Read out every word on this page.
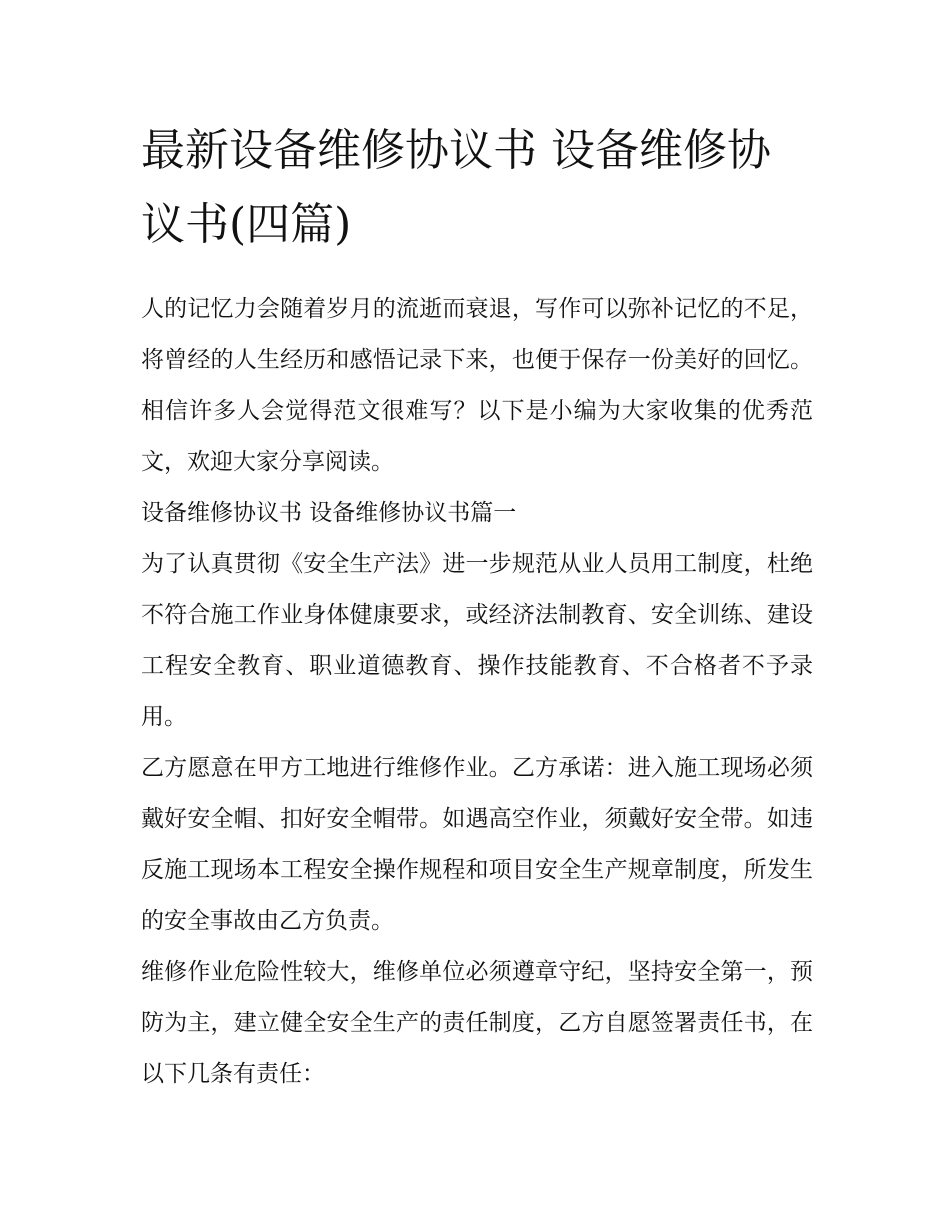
最新设备维修协议书 设备维修协议书(四篇)

人的记忆力会随着岁月的流逝而衰退，写作可以弥补记忆的不足，将曾经的人生经历和感悟记录下来，也便于保存一份美好的回忆。相信许多人会觉得范文很难写？以下是小编为大家收集的优秀范文，欢迎大家分享阅读。

设备维修协议书 设备维修协议书篇一

为了认真贯彻《安全生产法》进一步规范从业人员用工制度，杜绝不符合施工作业身体健康要求，或经济法制教育、安全训练、建设工程安全教育、职业道德教育、操作技能教育、不合格者不予录用。

乙方愿意在甲方工地进行维修作业。乙方承诺：进入施工现场必须戴好安全帽、扣好安全帽带。如遇高空作业，须戴好安全带。如违反施工现场本工程安全操作规程和项目安全生产规章制度，所发生的安全事故由乙方负责。

维修作业危险性较大，维修单位必须遵章守纪，坚持安全第一，预防为主，建立健全安全生产的责任制度，乙方自愿签署责任书，在以下几条有责任：
